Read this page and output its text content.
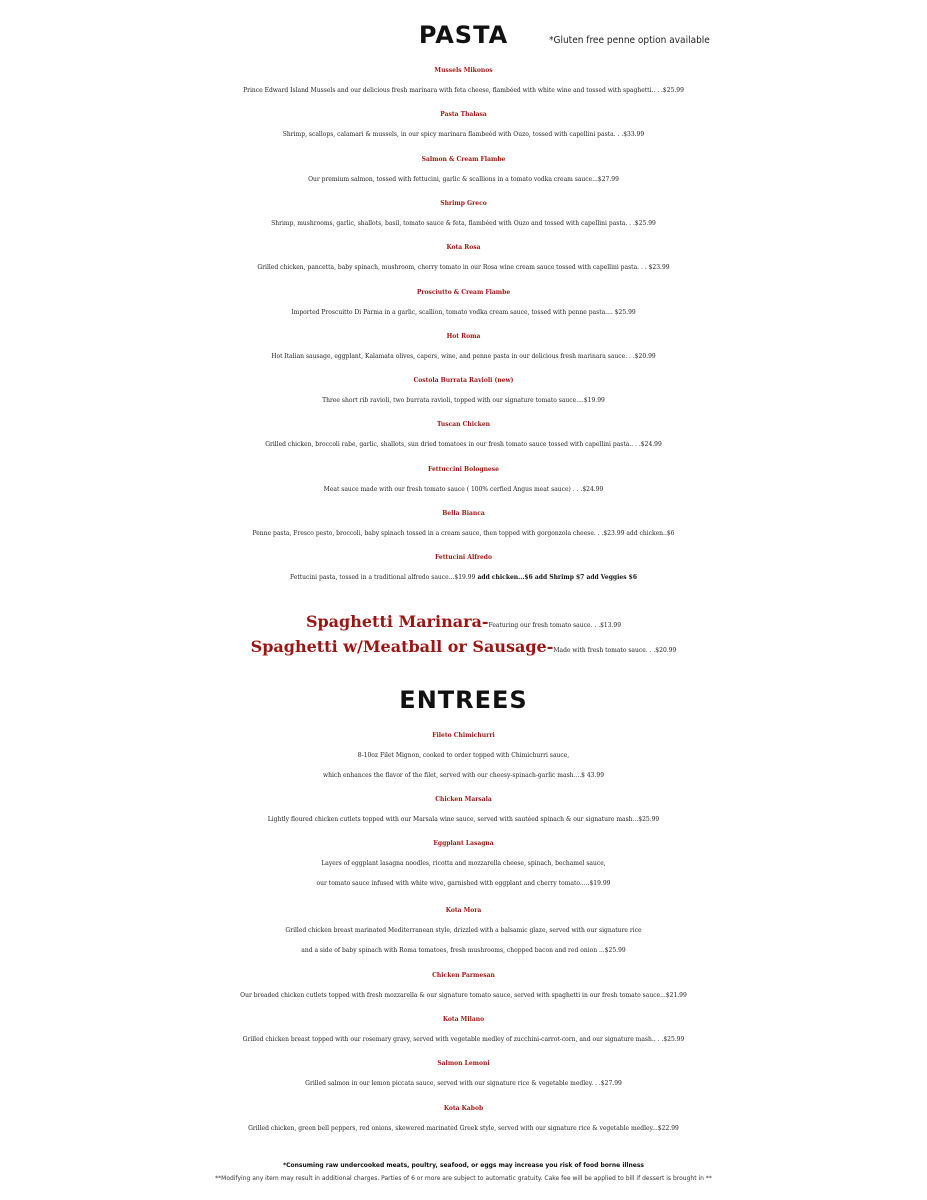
PASTA	*Gluten free penne option available
Mussels Mikonos
Prince Edward Island Mussels and our delicious fresh marinara with feta cheese, flambéed with white wine and tossed with spaghetti.. . .$25.99
Pasta Thalasa
Shrimp, scallops, calamari & mussels, in our spicy marinara flambeéd with Ouzo, tossed with capellini pasta. . .$33.99
Salmon & Cream Flambe
Our premium salmon, tossed with fettucini, garlic & scallions in a tomato vodka cream sauce...$27.99
Shrimp Greco
Shrimp, mushrooms, garlic, shallots, basil, tomato sauce & feta, flambéed with Ouzo and tossed with capellini pasta. . .$25.99
Kota Rosa
Grilled chicken, pancetta, baby spinach, mushroom, cherry tomato in our Rosa wine cream sauce tossed with capellini pasta. . . $23.99
Prosciutto & Cream Flambe
Imported Proscuitto Di Parma in a garlic, scallion, tomato vodka cream sauce, tossed with penne pasta.... $25.99
Hot Roma
Hot Italian sausage, eggplant, Kalamata olives, capers, wine, and penne pasta in our delicious fresh marinara sauce. . .$20.99
Costola Burrata Ravioli (new)
Three short rib ravioli, two burrata ravioli, topped with our signature tomato sauce....$19.99
Tuscan Chicken
Grilled chicken, broccoli rabe, garlic, shallots, sun dried tomatoes in our fresh tomato sauce tossed with capellini pasta.. . .$24.99
Fettuccini Bolognese
Meat sauce made with our fresh tomato sauce ( 100% cerfied Angus meat sauce) . . .$24.99
Bella Bianca
Penne pasta, Fresco pesto, broccoli, baby spinach tossed in a cream sauce, then topped with gorgonzola cheese. . .$23.99 add chicken..$6
Fettucini Alfredo
Fettucini pasta, tossed in a traditional alfredo sauce...$19.99 add chicken...$6 add Shrimp $7 add Veggies $6
Spaghetti Marinara-Featuring our fresh tomato sauce. . .$13.99
Spaghetti w/Meatball or Sausage-Made with fresh tomato sauce. . .$20.99
ENTREES
Fileto Chimichurri
8-10oz Filet Mignon, cooked to order topped with Chimichurri sauce,
which enhances the flavor of the filet, served with our cheesy-spinach-garlic mash....$ 43.99
Chicken Marsala
Lightly floured chicken cutlets topped with our Marsala wine sauce, served with sautéed spinach & our signature mash...$25.99
Eggplant Lasagna
Layers of eggplant lasagna noodles, ricotta and mozzarella cheese, spinach, bechamel sauce,
our tomato sauce infused with white wive, garnished with eggplant and cherry tomato.....$19.99
Kota Mora
Grilled chicken breast marinated Mediterranean style, drizzled with a balsamic glaze, served with our signature rice
and a side of baby spinach with Roma tomatoes, fresh mushrooms, chopped bacon and red onion ...$25.99
Chicken Parmesan
Our breaded chicken cutlets topped with fresh mozzarella & our signature tomato sauce, served with spaghetti in our fresh tomato sauce...$21.99
Kota Milano
Grilled chicken breast topped with our rosemary gravy, served with vegetable medley of zucchini-carrot-corn, and our signature mash.. . .$25.99
Salmon Lemoni
Grilled salmon in our lemon piccata sauce, served with our signature rice & vegetable medley. . .$27.99
Kota Kabob
Grilled chicken, green bell peppers, red onions, skewered marinated Greek style, served with our signature rice & vegetable medley...$22.99
*Consuming raw undercooked meats, poultry, seafood, or eggs may increase you risk of food borne illness
**Modifying any item may result in additional charges. Parties of 6 or more are subject to automatic gratuity. Cake fee will be applied to bill if dessert is brought in **
